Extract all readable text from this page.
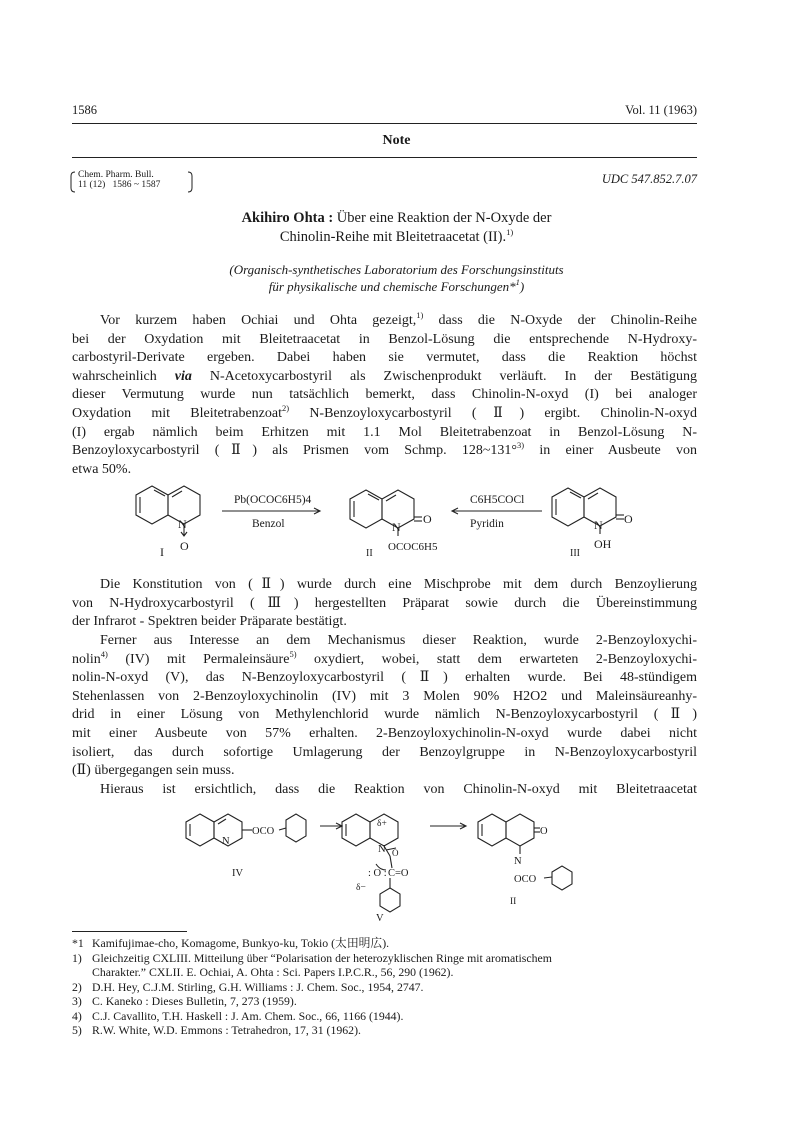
1586	Vol. 11 (1963)
Note
Chem. Pharm. Bull.
11 (12)   1586 ~ 1587	UDC 547.852.7.07
Akihiro Ohta : Über eine Reaktion der N-Oxyde der
Chinolin-Reihe mit Bleitetraacetat (II).$^{1)}$
(Organisch-synthetisches Laboratorium des Forschungsinstituts
für physikalische und chemische Forschungen*$^1$)
Vor kurzem haben Ochiai und Ohta gezeigt,$^{1)}$ dass die N-Oxyde der Chinolin-Reihe
bei der Oxydation mit Bleitetraacetat in Benzol-Lösung die entsprechende N-Hydroxy-
carbostyril-Derivate ergeben. Dabei haben sie vermutet, dass die Reaktion höchst
wahrscheinlich via N-Acetoxycarbostyril als Zwischenprodukt verläuft. In der Bestätigung
dieser Vermutung wurde nun tatsächlich bemerkt, dass Chinolin-N-oxyd (I) bei analoger
Oxydation mit Bleitetrabenzoat$^{2)}$ N-Benzoyloxycarbostyril (Ⅱ) ergibt. Chinolin-N-oxyd
(I) ergab nämlich beim Erhitzen mit 1.1 Mol Bleitetrabenzoat in Benzol-Lösung N-
Benzoyloxycarbostyril (Ⅱ) als Prismen vom Schmp. 128~131°$^{3)}$ in einer Ausbeute von
etwa 50%.
N
O
I
N
O
OCOC6H5
II
N O
OH
III
Pb(OCOC6H5)4
Benzol
C6H5COCl
Pyridin
Die Konstitution von (Ⅱ) wurde durch eine Mischprobe mit dem durch Benzoylierung
von N-Hydroxycarbostyril (Ⅲ) hergestellten Präparat sowie durch die Übereinstimmung
der Infrarot - Spektren beider Präparate bestätigt.
Ferner aus Interesse an dem Mechanismus dieser Reaktion, wurde 2-Benzoyloxychi-
nolin$^{4)}$ (IV) mit Permaleinsäure$^{5)}$ oxydiert, wobei, statt dem erwarteten 2-Benzoyloxychi-
nolin-N-oxyd (V), das N-Benzoyloxycarbostyril (Ⅱ) erhalten wurde. Bei 48-stündigem
Stehenlassen von 2-Benzoyloxychinolin (IV) mit 3 Molen 90% H2O2 und Maleinsäureanhy-
drid in einer Lösung von Methylenchlorid wurde nämlich N-Benzoyloxycarbostyril (Ⅱ)
mit einer Ausbeute von 57% erhalten. 2-Benzoyloxychinolin-N-oxyd wurde dabei nicht
isoliert, das durch sofortige Umlagerung der Benzoylgruppe in N-Benzoyloxycarbostyril
(Ⅱ) übergegangen sein muss.
Hieraus ist ersichtlich, dass die Reaktion von Chinolin-N-oxyd mit Bleitetraacetat
N
OCO
IV
δ+
N O
: O : C=O
δ−
V
O
N
OCO
II
*1 Kamifujimae-cho, Komagome, Bunkyo-ku, Tokio (太田明広).
1) Gleichzeitig CXLIII. Mitteilung über “Polarisation der heterozyklischen Ringe mit aromatischem
Charakter.” CXLII. E. Ochiai, A. Ohta : Sci. Papers I.P.C.R., 56, 290 (1962).
2) D.H. Hey, C.J.M. Stirling, G.H. Williams : J. Chem. Soc., 1954, 2747.
3) C. Kaneko : Dieses Bulletin, 7, 273 (1959).
4) C.J. Cavallito, T.H. Haskell : J. Am. Chem. Soc., 66, 1166 (1944).
5) R.W. White, W.D. Emmons : Tetrahedron, 17, 31 (1962).
